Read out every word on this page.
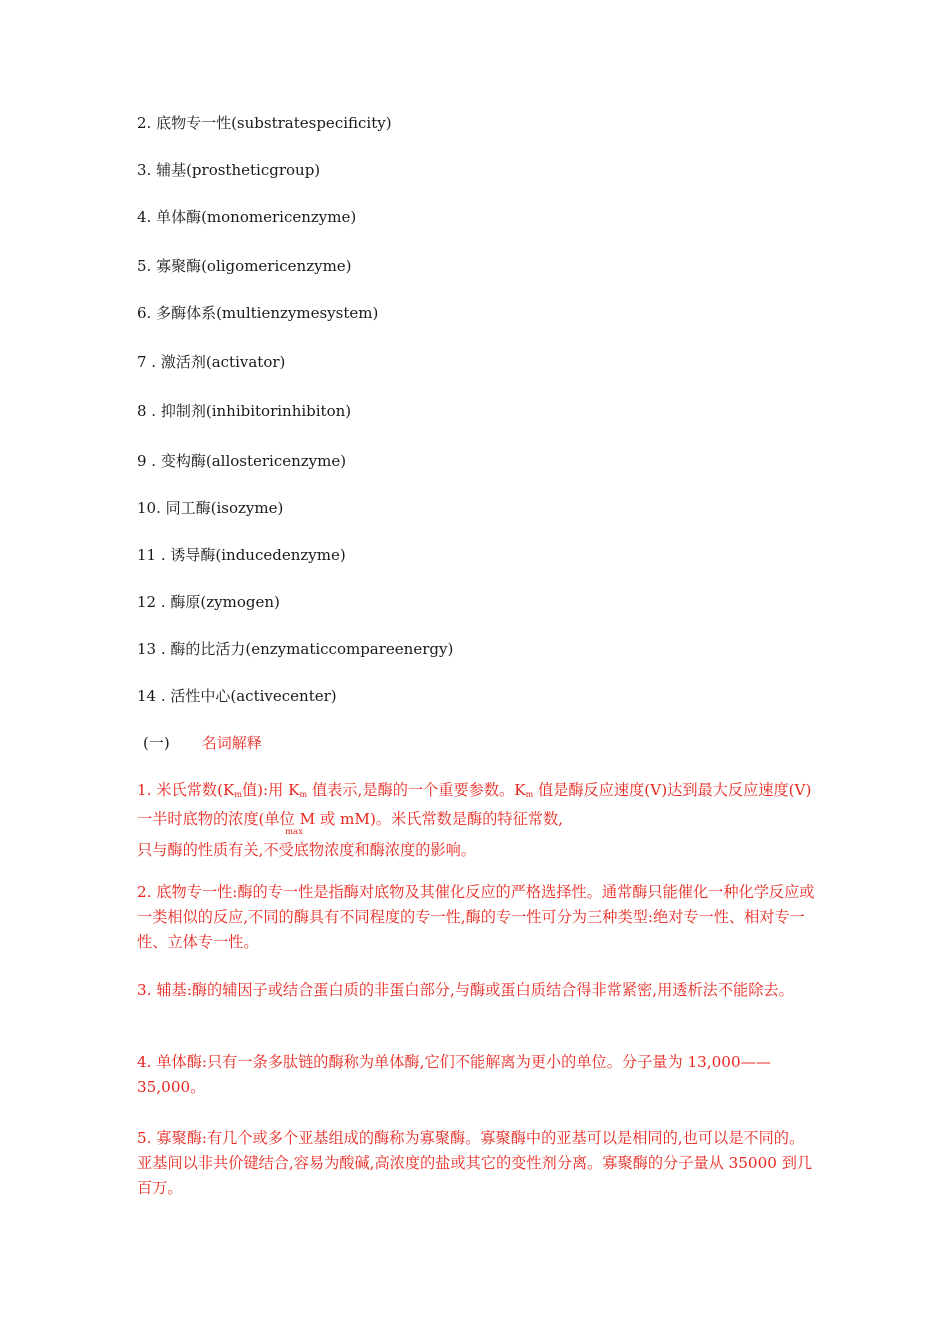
2. 底物专一性(substratespecificity)
3. 辅基(prostheticgroup)
4. 单体酶(monomericenzyme)
5. 寡聚酶(oligomericenzyme)
6. 多酶体系(multienzymesystem)
7 . 激活剂(activator)
8 . 抑制剂(inhibitorinhibiton)
9 . 变构酶(allostericenzyme)
10. 同工酶(isozyme)
11 . 诱导酶(inducedenzyme)
12 . 酶原(zymogen)
13 . 酶的比活力(enzymaticcompareenergy)
14 . 活性中心(activecenter)
(一) 名词解释

1. 米氏常数($K_m$值):用 $K_m$ 值表示,是酶的一个重要参数。$K_m$ 值是酶反应速度(V)达到最大反应速度(V)一半时底物的浓度(单位 M 或 mM)。米氏常数是酶的特征常数,

只与酶的性质有关,不受底物浓度和酶浓度的影响。

max
2. 底物专一性:酶的专一性是指酶对底物及其催化反应的严格选择性。通常酶只能催化一种化学反应或一类相似的反应,不同的酶具有不同程度的专一性,酶的专一性可分为三种类型:绝对专一性、相对专一性、立体专一性。
3. 辅基:酶的辅因子或结合蛋白质的非蛋白部分,与酶或蛋白质结合得非常紧密,用透析法不能除去。
4. 单体酶:只有一条多肽链的酶称为单体酶,它们不能解离为更小的单位。分子量为 13,000——35,000。
5. 寡聚酶:有几个或多个亚基组成的酶称为寡聚酶。寡聚酶中的亚基可以是相同的,也可以是不同的。亚基间以非共价键结合,容易为酸碱,高浓度的盐或其它的变性剂分离。寡聚酶的分子量从 35000 到几百万。
